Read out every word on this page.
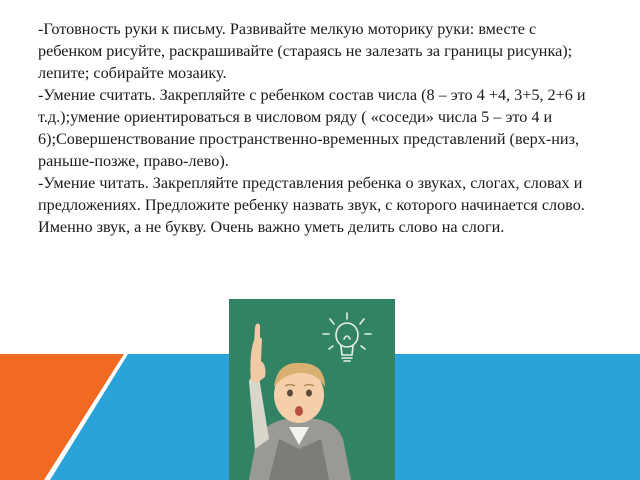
-Готовность руки к письму. Развивайте мелкую моторику руки: вместе с ребенком рисуйте, раскрашивайте (стараясь не залезать за границы рисунка); лепите; собирайте мозаику.

-Умение считать. Закрепляйте с ребенком состав числа (8 – это 4 +4, 3+5, 2+6 и т.д.);умение ориентироваться в числовом ряду ( «соседи» числа 5 – это 4 и 6);Совершенствование пространственно-временных представлений (верх-низ, раньше-позже, право-лево).

-Умение читать. Закрепляйте представления ребенка о звуках, слогах, словах и предложениях. Предложите ребенку назвать звук, с которого начинается слово. Именно звук, а не букву. Очень важно уметь делить слово на слоги.
